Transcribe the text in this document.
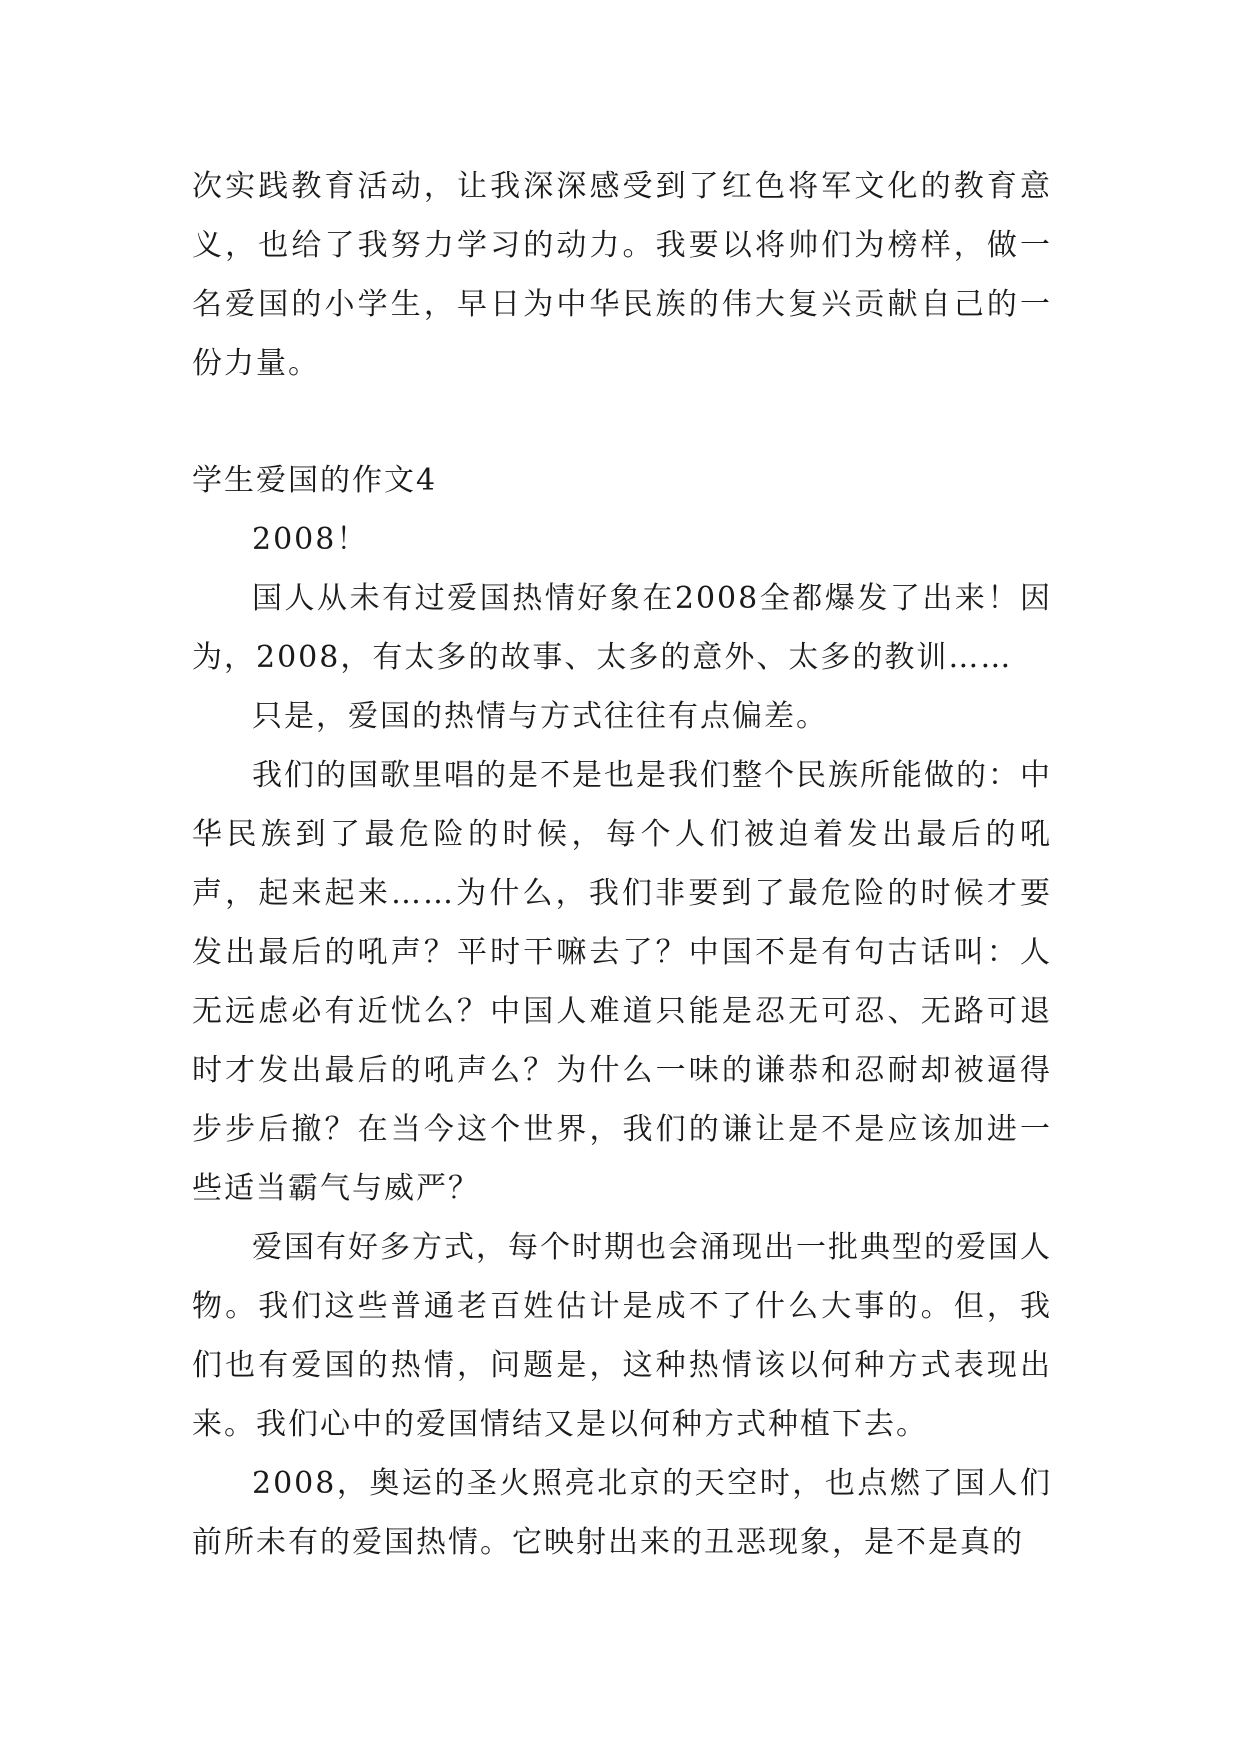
次实践教育活动，让我深深感受到了红色将军文化的教育意义，也给了我努力学习的动力。我要以将帅们为榜样，做一名爱国的小学生，早日为中华民族的伟大复兴贡献自己的一份力量。

学生爱国的作文4

2008！

国人从未有过爱国热情好象在2008全都爆发了出来！因为，2008，有太多的故事、太多的意外、太多的教训……

只是，爱国的热情与方式往往有点偏差。

我们的国歌里唱的是不是也是我们整个民族所能做的：中华民族到了最危险的时候，每个人们被迫着发出最后的吼声，起来起来……为什么，我们非要到了最危险的时候才要发出最后的吼声？平时干嘛去了？中国不是有句古话叫：人无远虑必有近忧么？中国人难道只能是忍无可忍、无路可退时才发出最后的吼声么？为什么一味的谦恭和忍耐却被逼得步步后撤？在当今这个世界，我们的谦让是不是应该加进一些适当霸气与威严？

爱国有好多方式，每个时期也会涌现出一批典型的爱国人物。我们这些普通老百姓估计是成不了什么大事的。但，我们也有爱国的热情，问题是，这种热情该以何种方式表现出来。我们心中的爱国情结又是以何种方式种植下去。

2008，奥运的圣火照亮北京的天空时，也点燃了国人们前所未有的爱国热情。它映射出来的丑恶现象，是不是真的
